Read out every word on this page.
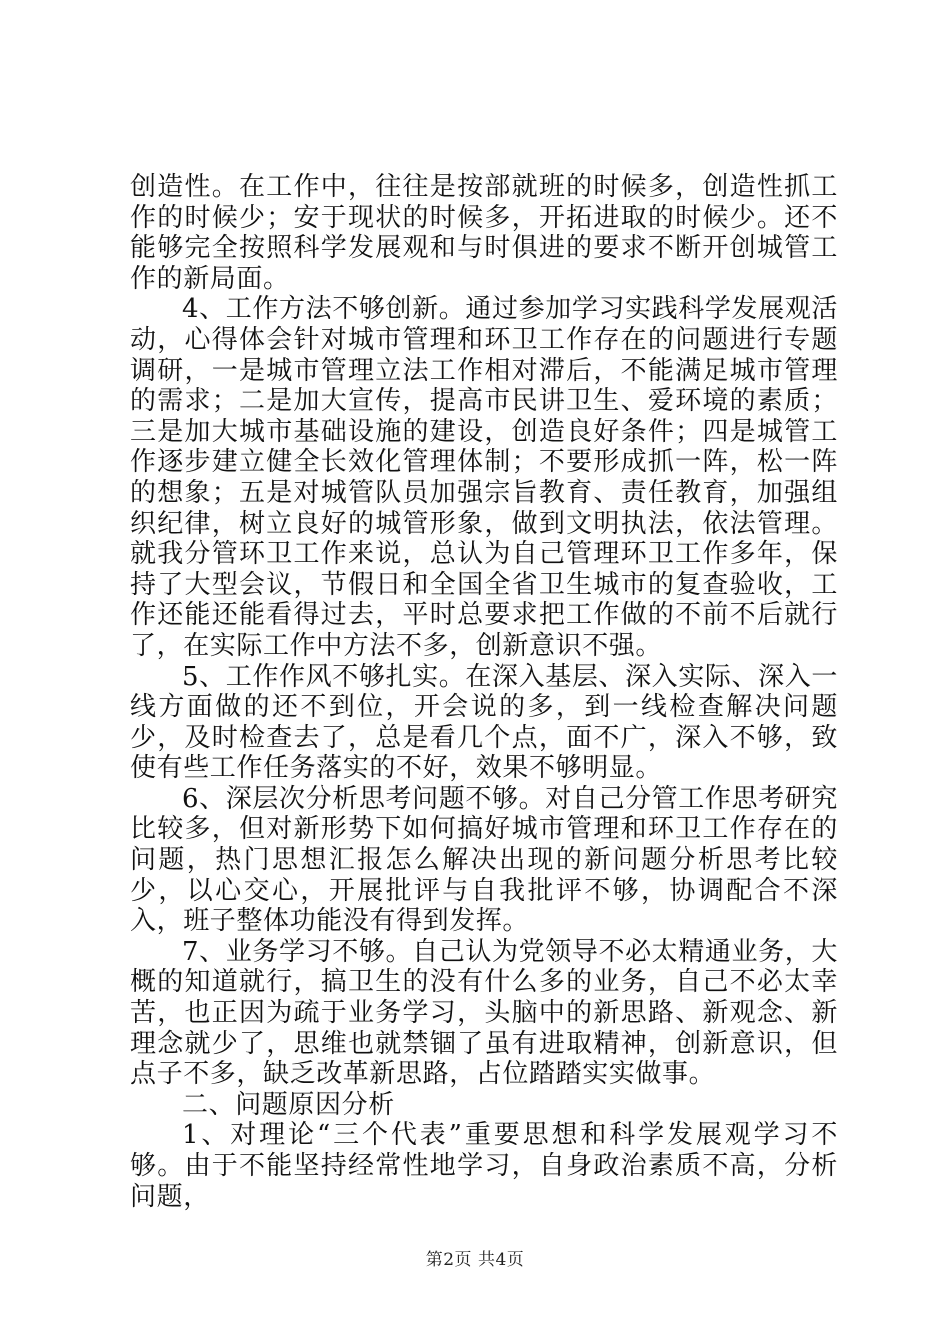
创造性。在工作中，往往是按部就班的时候多，创造性抓工作的时候少；安于现状的时候多，开拓进取的时候少。还不能够完全按照科学发展观和与时俱进的要求不断开创城管工作的新局面。

4、工作方法不够创新。通过参加学习实践科学发展观活动，心得体会针对城市管理和环卫工作存在的问题进行专题调研，一是城市管理立法工作相对滞后，不能满足城市管理的需求；二是加大宣传，提高市民讲卫生、爱环境的素质；三是加大城市基础设施的建设，创造良好条件；四是城管工作逐步建立健全长效化管理体制；不要形成抓一阵，松一阵的想象；五是对城管队员加强宗旨教育、责任教育，加强组织纪律，树立良好的城管形象，做到文明执法，依法管理。就我分管环卫工作来说，总认为自己管理环卫工作多年，保持了大型会议，节假日和全国全省卫生城市的复查验收，工作还能还能看得过去，平时总要求把工作做的不前不后就行了，在实际工作中方法不多，创新意识不强。

5、工作作风不够扎实。在深入基层、深入实际、深入一线方面做的还不到位，开会说的多，到一线检查解决问题少，及时检查去了，总是看几个点，面不广，深入不够，致使有些工作任务落实的不好，效果不够明显。

6、深层次分析思考问题不够。对自己分管工作思考研究比较多，但对新形势下如何搞好城市管理和环卫工作存在的问题，热门思想汇报怎么解决出现的新问题分析思考比较少，以心交心，开展批评与自我批评不够，协调配合不深入，班子整体功能没有得到发挥。

7、业务学习不够。自己认为党领导不必太精通业务，大概的知道就行，搞卫生的没有什么多的业务，自己不必太幸苦，也正因为疏于业务学习，头脑中的新思路、新观念、新理念就少了，思维也就禁锢了虽有进取精神，创新意识，但点子不多，缺乏改革新思路，占位踏踏实实做事。

二、问题原因分析

1、对理论“三个代表”重要思想和科学发展观学习不够。由于不能坚持经常性地学习，自身政治素质不高，分析问题，

第2页 共4页
